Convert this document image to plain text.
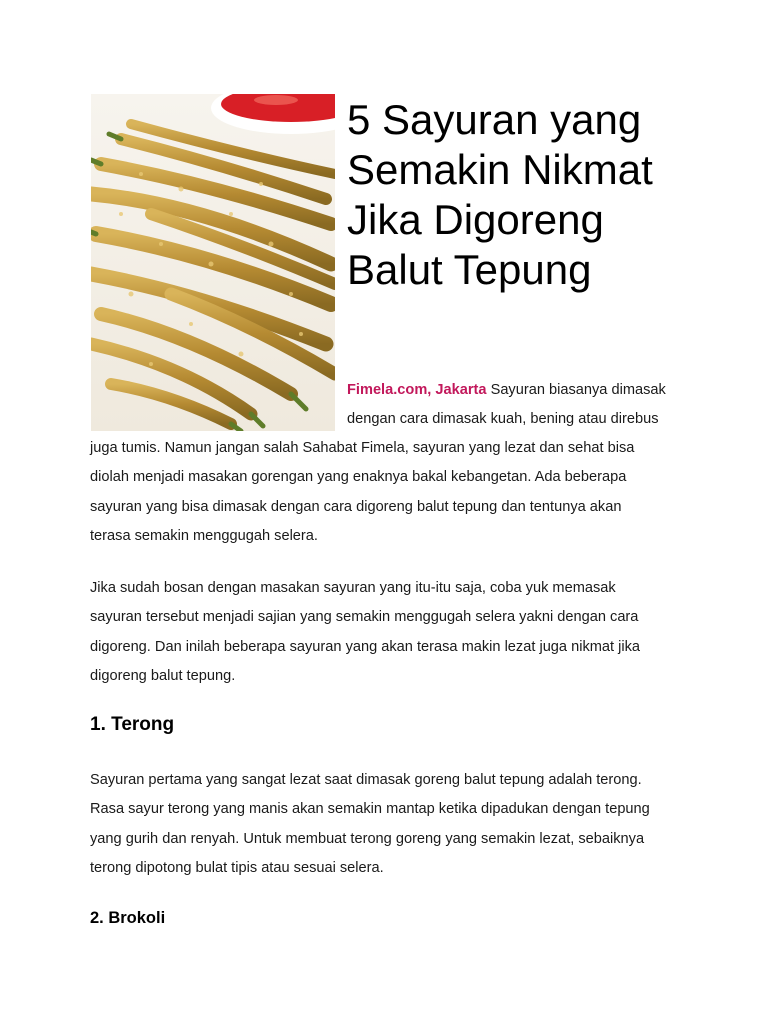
5 Sayuran yang
Semakin Nikmat
Jika Digoreng
Balut Tepung

Fimela.com, Jakarta Sayuran biasanya dimasak

dengan cara dimasak kuah, bening atau direbus

juga tumis. Namun jangan salah Sahabat Fimela, sayuran yang lezat dan sehat bisa
diolah menjadi masakan gorengan yang enaknya bakal kebangetan. Ada beberapa
sayuran yang bisa dimasak dengan cara digoreng balut tepung dan tentunya akan
terasa semakin menggugah selera.

Jika sudah bosan dengan masakan sayuran yang itu-itu saja, coba yuk memasak
sayuran tersebut menjadi sajian yang semakin menggugah selera yakni dengan cara
digoreng. Dan inilah beberapa sayuran yang akan terasa makin lezat juga nikmat jika
digoreng balut tepung.

1. Terong

Sayuran pertama yang sangat lezat saat dimasak goreng balut tepung adalah terong.
Rasa sayur terong yang manis akan semakin mantap ketika dipadukan dengan tepung
yang gurih dan renyah. Untuk membuat terong goreng yang semakin lezat, sebaiknya
terong dipotong bulat tipis atau sesuai selera.

2. Brokoli
